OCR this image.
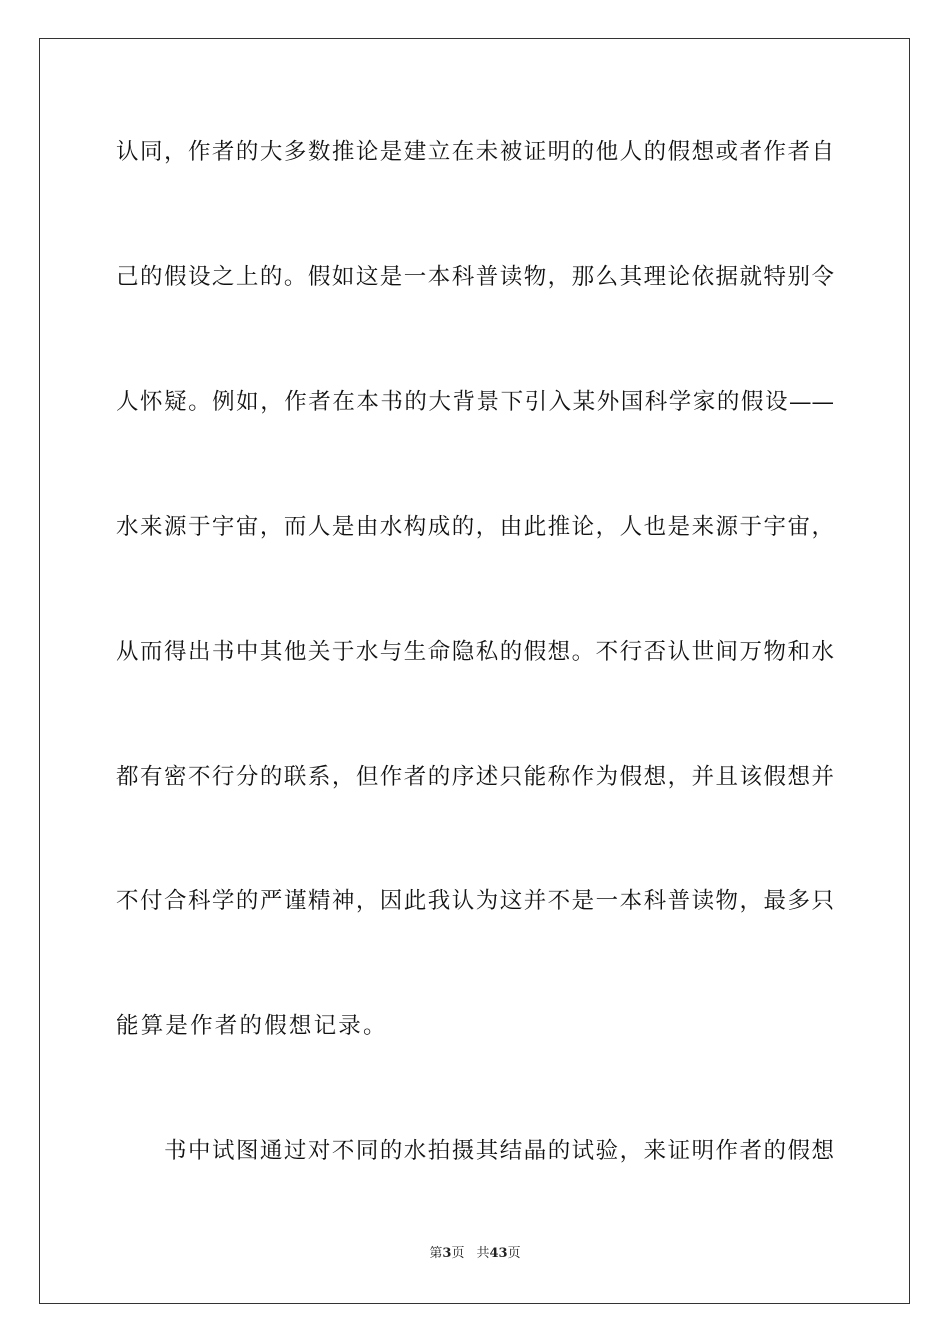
认同，作者的大多数推论是建立在未被证明的他人的假想或者作者自
己的假设之上的。假如这是一本科普读物，那么其理论依据就特别令
人怀疑。例如，作者在本书的大背景下引入某外国科学家的假设——
水来源于宇宙，而人是由水构成的，由此推论，人也是来源于宇宙，
从而得出书中其他关于水与生命隐私的假想。不行否认世间万物和水
都有密不行分的联系，但作者的序述只能称作为假想，并且该假想并
不付合科学的严谨精神，因此我认为这并不是一本科普读物，最多只
能算是作者的假想记录。
书中试图通过对不同的水拍摄其结晶的试验，来证明作者的假想
第3页 共43页
